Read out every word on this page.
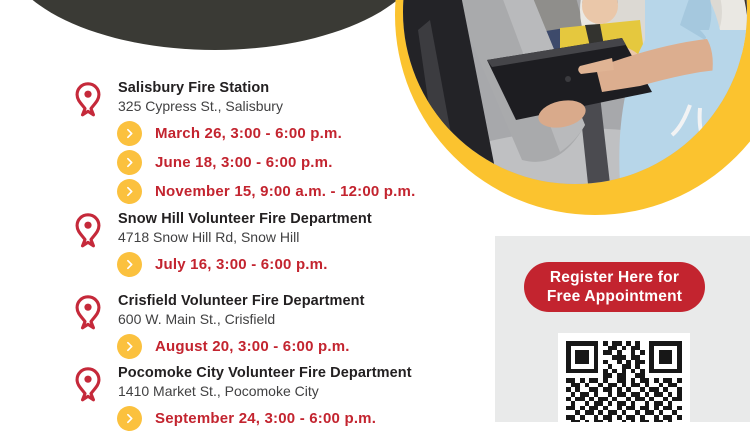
Salisbury Fire Station
325 Cypress St., Salisbury
March 26, 3:00 - 6:00 p.m.
June 18, 3:00 - 6:00 p.m.
November 15, 9:00 a.m. - 12:00 p.m.
Snow Hill Volunteer Fire Department
4718 Snow Hill Rd, Snow Hill
July 16, 3:00 - 6:00 p.m.
Crisfield Volunteer Fire Department
600 W. Main St., Crisfield
August 20, 3:00 - 6:00 p.m.
Pocomoke City Volunteer Fire Department
1410 Market St., Pocomoke City
September 24, 3:00 - 6:00 p.m.
Register Here for
Free Appointment
